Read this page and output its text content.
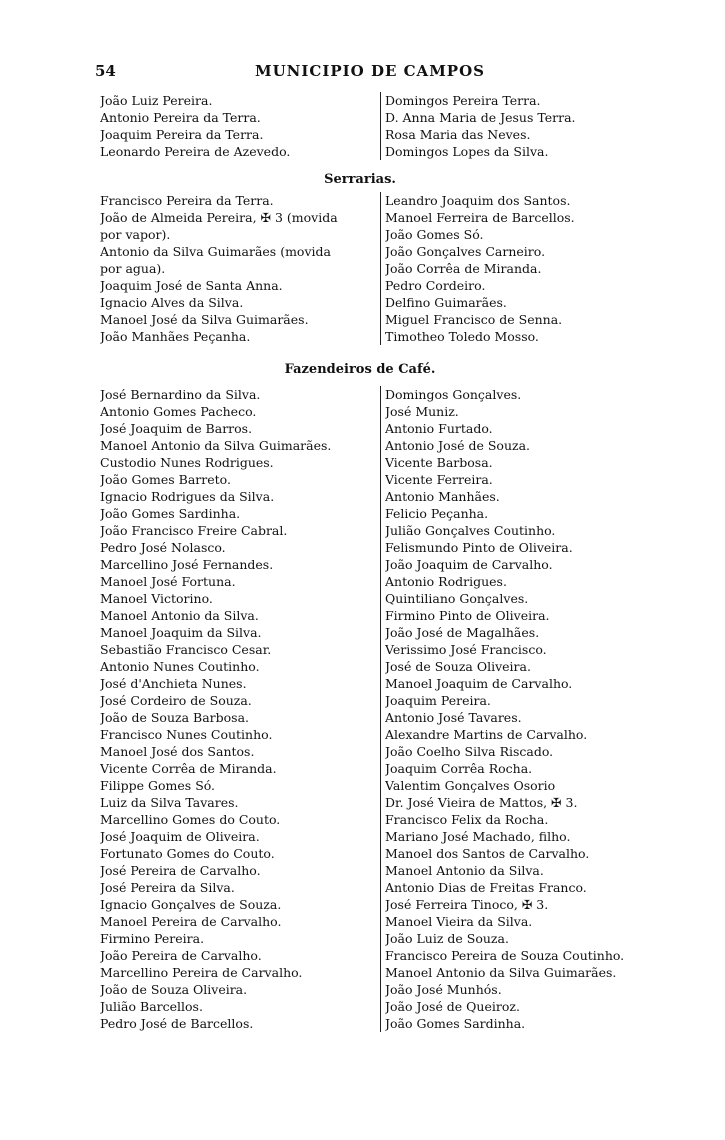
54	MUNICIPIO DE CAMPOS
João Luiz Pereira.
Antonio Pereira da Terra.
Joaquim Pereira da Terra.
Leonardo Pereira de Azevedo.
Domingos Pereira Terra.
D. Anna Maria de Jesus Terra.
Rosa Maria das Neves.
Domingos Lopes da Silva.
Serrarias.
Francisco Pereira da Terra.
João de Almeida Pereira, ✠ 3 (movida
por vapor).
Antonio da Silva Guimarães (movida
por agua).
Joaquim José de Santa Anna.
Ignacio Alves da Silva.
Manoel José da Silva Guimarães.
João Manhães Peçanha.
Leandro Joaquim dos Santos.
Manoel Ferreira de Barcellos.
João Gomes Só.
João Gonçalves Carneiro.
João Corrêa de Miranda.
Pedro Cordeiro.
Delfino Guimarães.
Miguel Francisco de Senna.
Timotheo Toledo Mosso.
Fazendeiros de Café.
José Bernardino da Silva.
Antonio Gomes Pacheco.
José Joaquim de Barros.
Manoel Antonio da Silva Guimarães.
Custodio Nunes Rodrigues.
João Gomes Barreto.
Ignacio Rodrigues da Silva.
João Gomes Sardinha.
João Francisco Freire Cabral.
Pedro José Nolasco.
Marcellino José Fernandes.
Manoel José Fortuna.
Manoel Victorino.
Manoel Antonio da Silva.
Manoel Joaquim da Silva.
Sebastião Francisco Cesar.
Antonio Nunes Coutinho.
José d'Anchieta Nunes.
José Cordeiro de Souza.
João de Souza Barbosa.
Francisco Nunes Coutinho.
Manoel José dos Santos.
Vicente Corrêa de Miranda.
Filippe Gomes Só.
Luiz da Silva Tavares.
Marcellino Gomes do Couto.
José Joaquim de Oliveira.
Fortunato Gomes do Couto.
José Pereira de Carvalho.
José Pereira da Silva.
Ignacio Gonçalves de Souza.
Manoel Pereira de Carvalho.
Firmino Pereira.
João Pereira de Carvalho.
Marcellino Pereira de Carvalho.
João de Souza Oliveira.
Julião Barcellos.
Pedro José de Barcellos.
Domingos Gonçalves.
José Muniz.
Antonio Furtado.
Antonio José de Souza.
Vicente Barbosa.
Vicente Ferreira.
Antonio Manhães.
Felicio Peçanha.
Julião Gonçalves Coutinho.
Felismundo Pinto de Oliveira.
João Joaquim de Carvalho.
Antonio Rodrigues.
Quintiliano Gonçalves.
Firmino Pinto de Oliveira.
João José de Magalhães.
Verissimo José Francisco.
José de Souza Oliveira.
Manoel Joaquim de Carvalho.
Joaquim Pereira.
Antonio José Tavares.
Alexandre Martins de Carvalho.
João Coelho Silva Riscado.
Joaquim Corrêa Rocha.
Valentim Gonçalves Osorio
Dr. José Vieira de Mattos, ✠ 3.
Francisco Felix da Rocha.
Mariano José Machado, filho.
Manoel dos Santos de Carvalho.
Manoel Antonio da Silva.
Antonio Dias de Freitas Franco.
José Ferreira Tinoco, ✠ 3.
Manoel Vieira da Silva.
João Luiz de Souza.
Francisco Pereira de Souza Coutinho.
Manoel Antonio da Silva Guimarães.
João José Munhós.
João José de Queiroz.
João Gomes Sardinha.
